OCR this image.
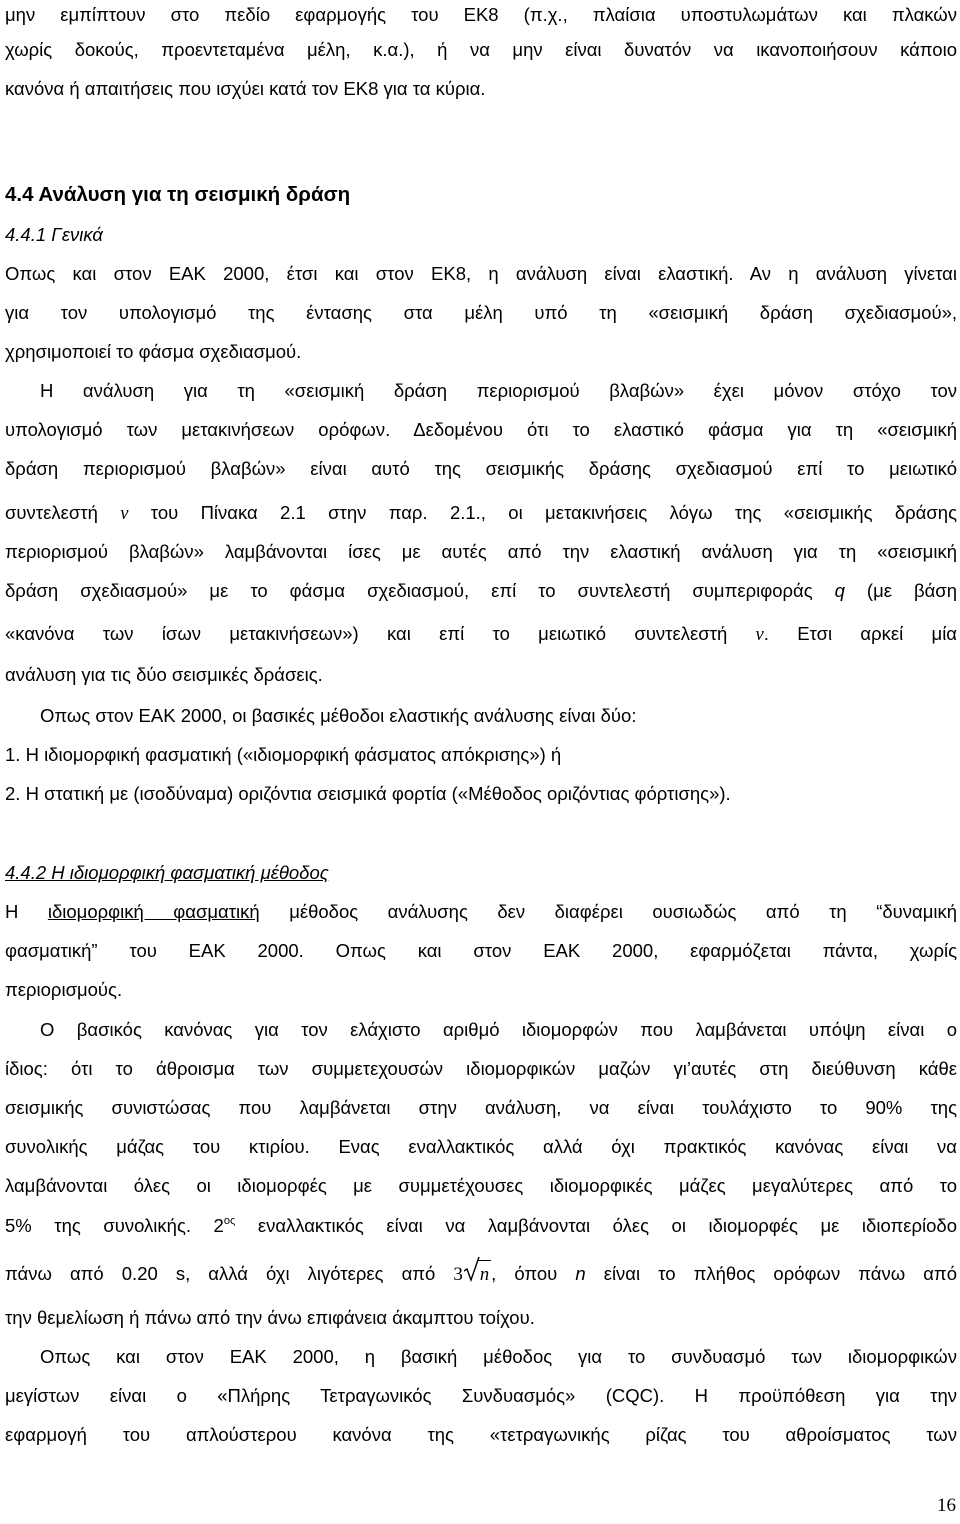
μην εμπίπτουν στο πεδίο εφαρμογής του ΕΚ8 (π.χ., πλαίσια υποστυλωμάτων και πλακών
χωρίς δοκούς, προεντεταμένα μέλη, κ.α.), ή να μην είναι δυνατόν να ικανοποιήσουν κάποιο
κανόνα ή απαιτήσεις που ισχύει κατά τον ΕΚ8 για τα κύρια.
4.4 Ανάλυση για τη σεισμική δράση
4.4.1 Γενικά
Οπως και στον ΕΑΚ 2000, έτσι και στον ΕΚ8, η ανάλυση είναι ελαστική. Αν η ανάλυση γίνεται
για τον υπολογισμό της έντασης στα μέλη υπό τη «σεισμική δράση σχεδιασμού»,
χρησιμοποιεί το φάσμα σχεδιασμού.
Η ανάλυση για τη «σεισμική δράση περιορισμού βλαβών» έχει μόνον στόχο τον
υπολογισμό των μετακινήσεων ορόφων. Δεδομένου ότι το ελαστικό φάσμα για τη «σεισμική
δράση περιορισμού βλαβών» είναι αυτό της σεισμικής δράσης σχεδιασμού επί το μειωτικό
συντελεστή ν του Πίνακα 2.1 στην παρ. 2.1., οι μετακινήσεις λόγω της «σεισμικής δράσης
περιορισμού βλαβών» λαμβάνονται ίσες με αυτές από την ελαστική ανάλυση για τη «σεισμική
δράση σχεδιασμού» με το φάσμα σχεδιασμού, επί το συντελεστή συμπεριφοράς q (με βάση
«κανόνα των ίσων μετακινήσεων») και επί το μειωτικό συντελεστή ν. Ετσι αρκεί μία
ανάλυση για τις δύο σεισμικές δράσεις.
Οπως στον ΕΑΚ 2000, οι βασικές μέθοδοι ελαστικής ανάλυσης είναι δύο:
1. Η ιδιομορφική φασματική («ιδιομορφική φάσματος απόκρισης») ή
2. Η στατική με (ισοδύναμα) οριζόντια σεισμικά φορτία («Μέθοδος οριζόντιας φόρτισης»).
4.4.2 Η ιδιομορφική φασματική μέθοδος
Η ιδιομορφική φασματική μέθοδος ανάλυσης δεν διαφέρει ουσιωδώς από τη “δυναμική
φασματική” του ΕΑΚ 2000. Οπως και στον ΕΑΚ 2000, εφαρμόζεται πάντα, χωρίς
περιορισμούς.
Ο βασικός κανόνας για τον ελάχιστο αριθμό ιδιομορφών που λαμβάνεται υπόψη είναι ο
ίδιος: ότι το άθροισμα των συμμετεχουσών ιδιομορφικών μαζών γι’αυτές στη διεύθυνση κάθε
σεισμικής συνιστώσας που λαμβάνεται στην ανάλυση, να είναι τουλάχιστο το 90% της
συνολικής μάζας του κτιρίου. Ενας εναλλακτικός αλλά όχι πρακτικός κανόνας είναι να
λαμβάνονται όλες οι ιδιομορφές με συμμετέχουσες ιδιομορφικές μάζες μεγαλύτερες από το
5% της συνολικής. $2^{o\varsigma}$ εναλλακτικός είναι να λαμβάνονται όλες οι ιδιομορφές με ιδιοπερίοδο
πάνω από 0.20 s, αλλά όχι λιγότερες από 3 n , όπου n είναι το πλήθος ορόφων πάνω από
την θεμελίωση ή πάνω από την άνω επιφάνεια άκαμπτου τοίχου.
Οπως και στον ΕΑΚ 2000, η βασική μέθοδος για το συνδυασμό των ιδιομορφικών
μεγίστων είναι ο «Πλήρης Τετραγωνικός Συνδυασμός» (CQC). Η προϋπόθεση για την
εφαρμογή του απλούστερου κανόνα της «τετραγωνικής ρίζας του αθροίσματος των
16
